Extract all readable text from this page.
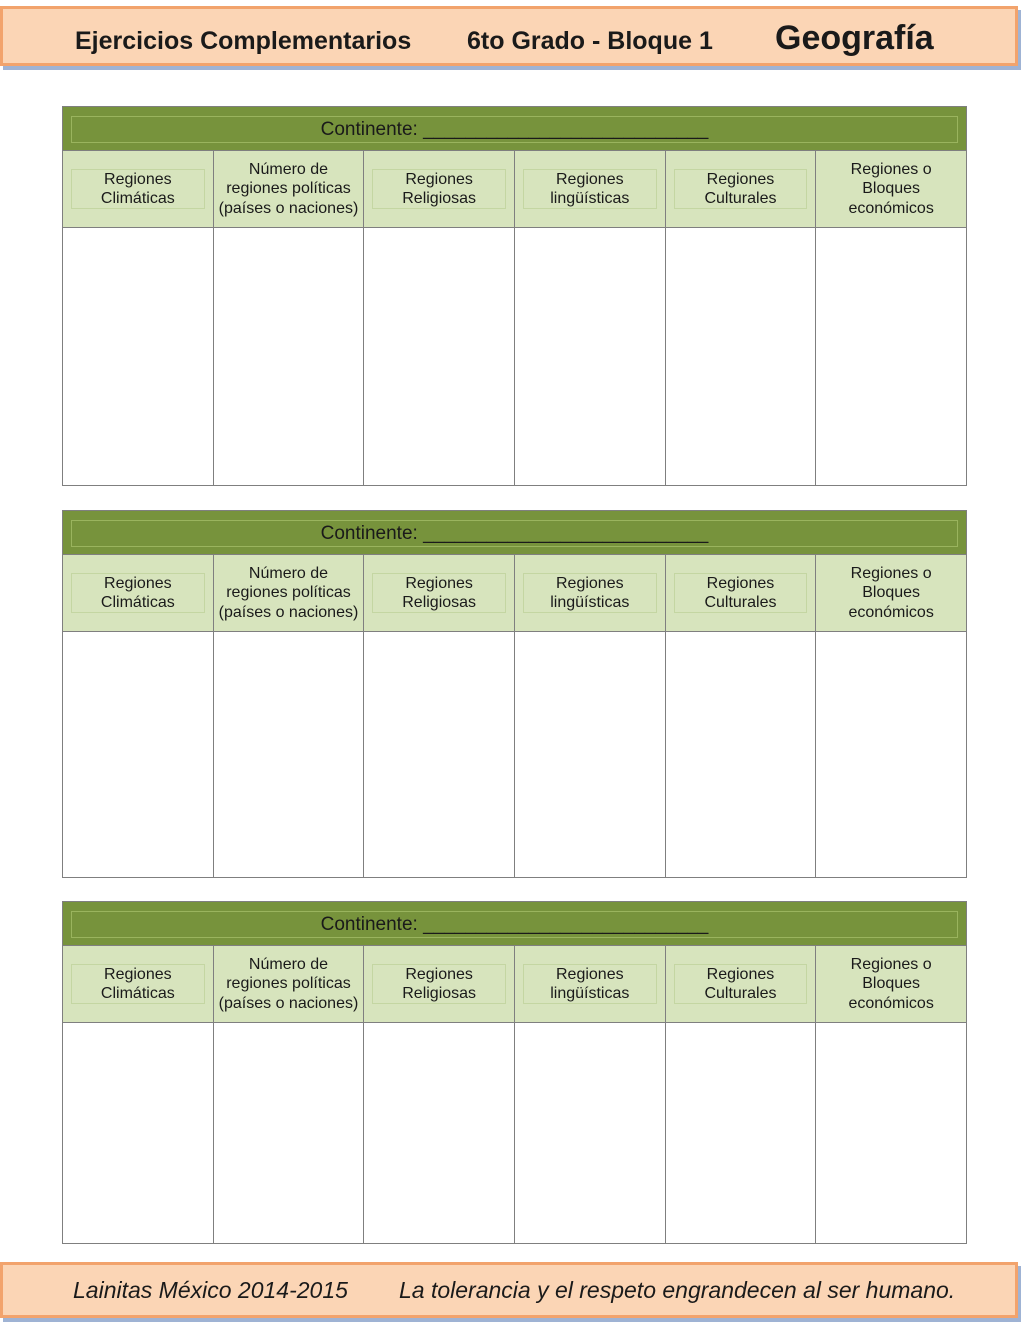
Ejercicios Complementarios 6to Grado - Bloque 1 Geografía
Continente: ___________________________					

Regiones Climáticas	Número de regiones políticas (países o naciones)	Regiones Religiosas	Regiones lingüísticas	Regiones Culturales	Regiones o Bloques económicos

Continente: ___________________________					

Regiones Climáticas	Número de regiones políticas (países o naciones)	Regiones Religiosas	Regiones lingüísticas	Regiones Culturales	Regiones o Bloques económicos

Continente: ___________________________					

Regiones Climáticas	Número de regiones políticas (países o naciones)	Regiones Religiosas	Regiones lingüísticas	Regiones Culturales	Regiones o Bloques económicos

Lainitas México 2014-2015 La tolerancia y el respeto engrandecen al ser humano.
